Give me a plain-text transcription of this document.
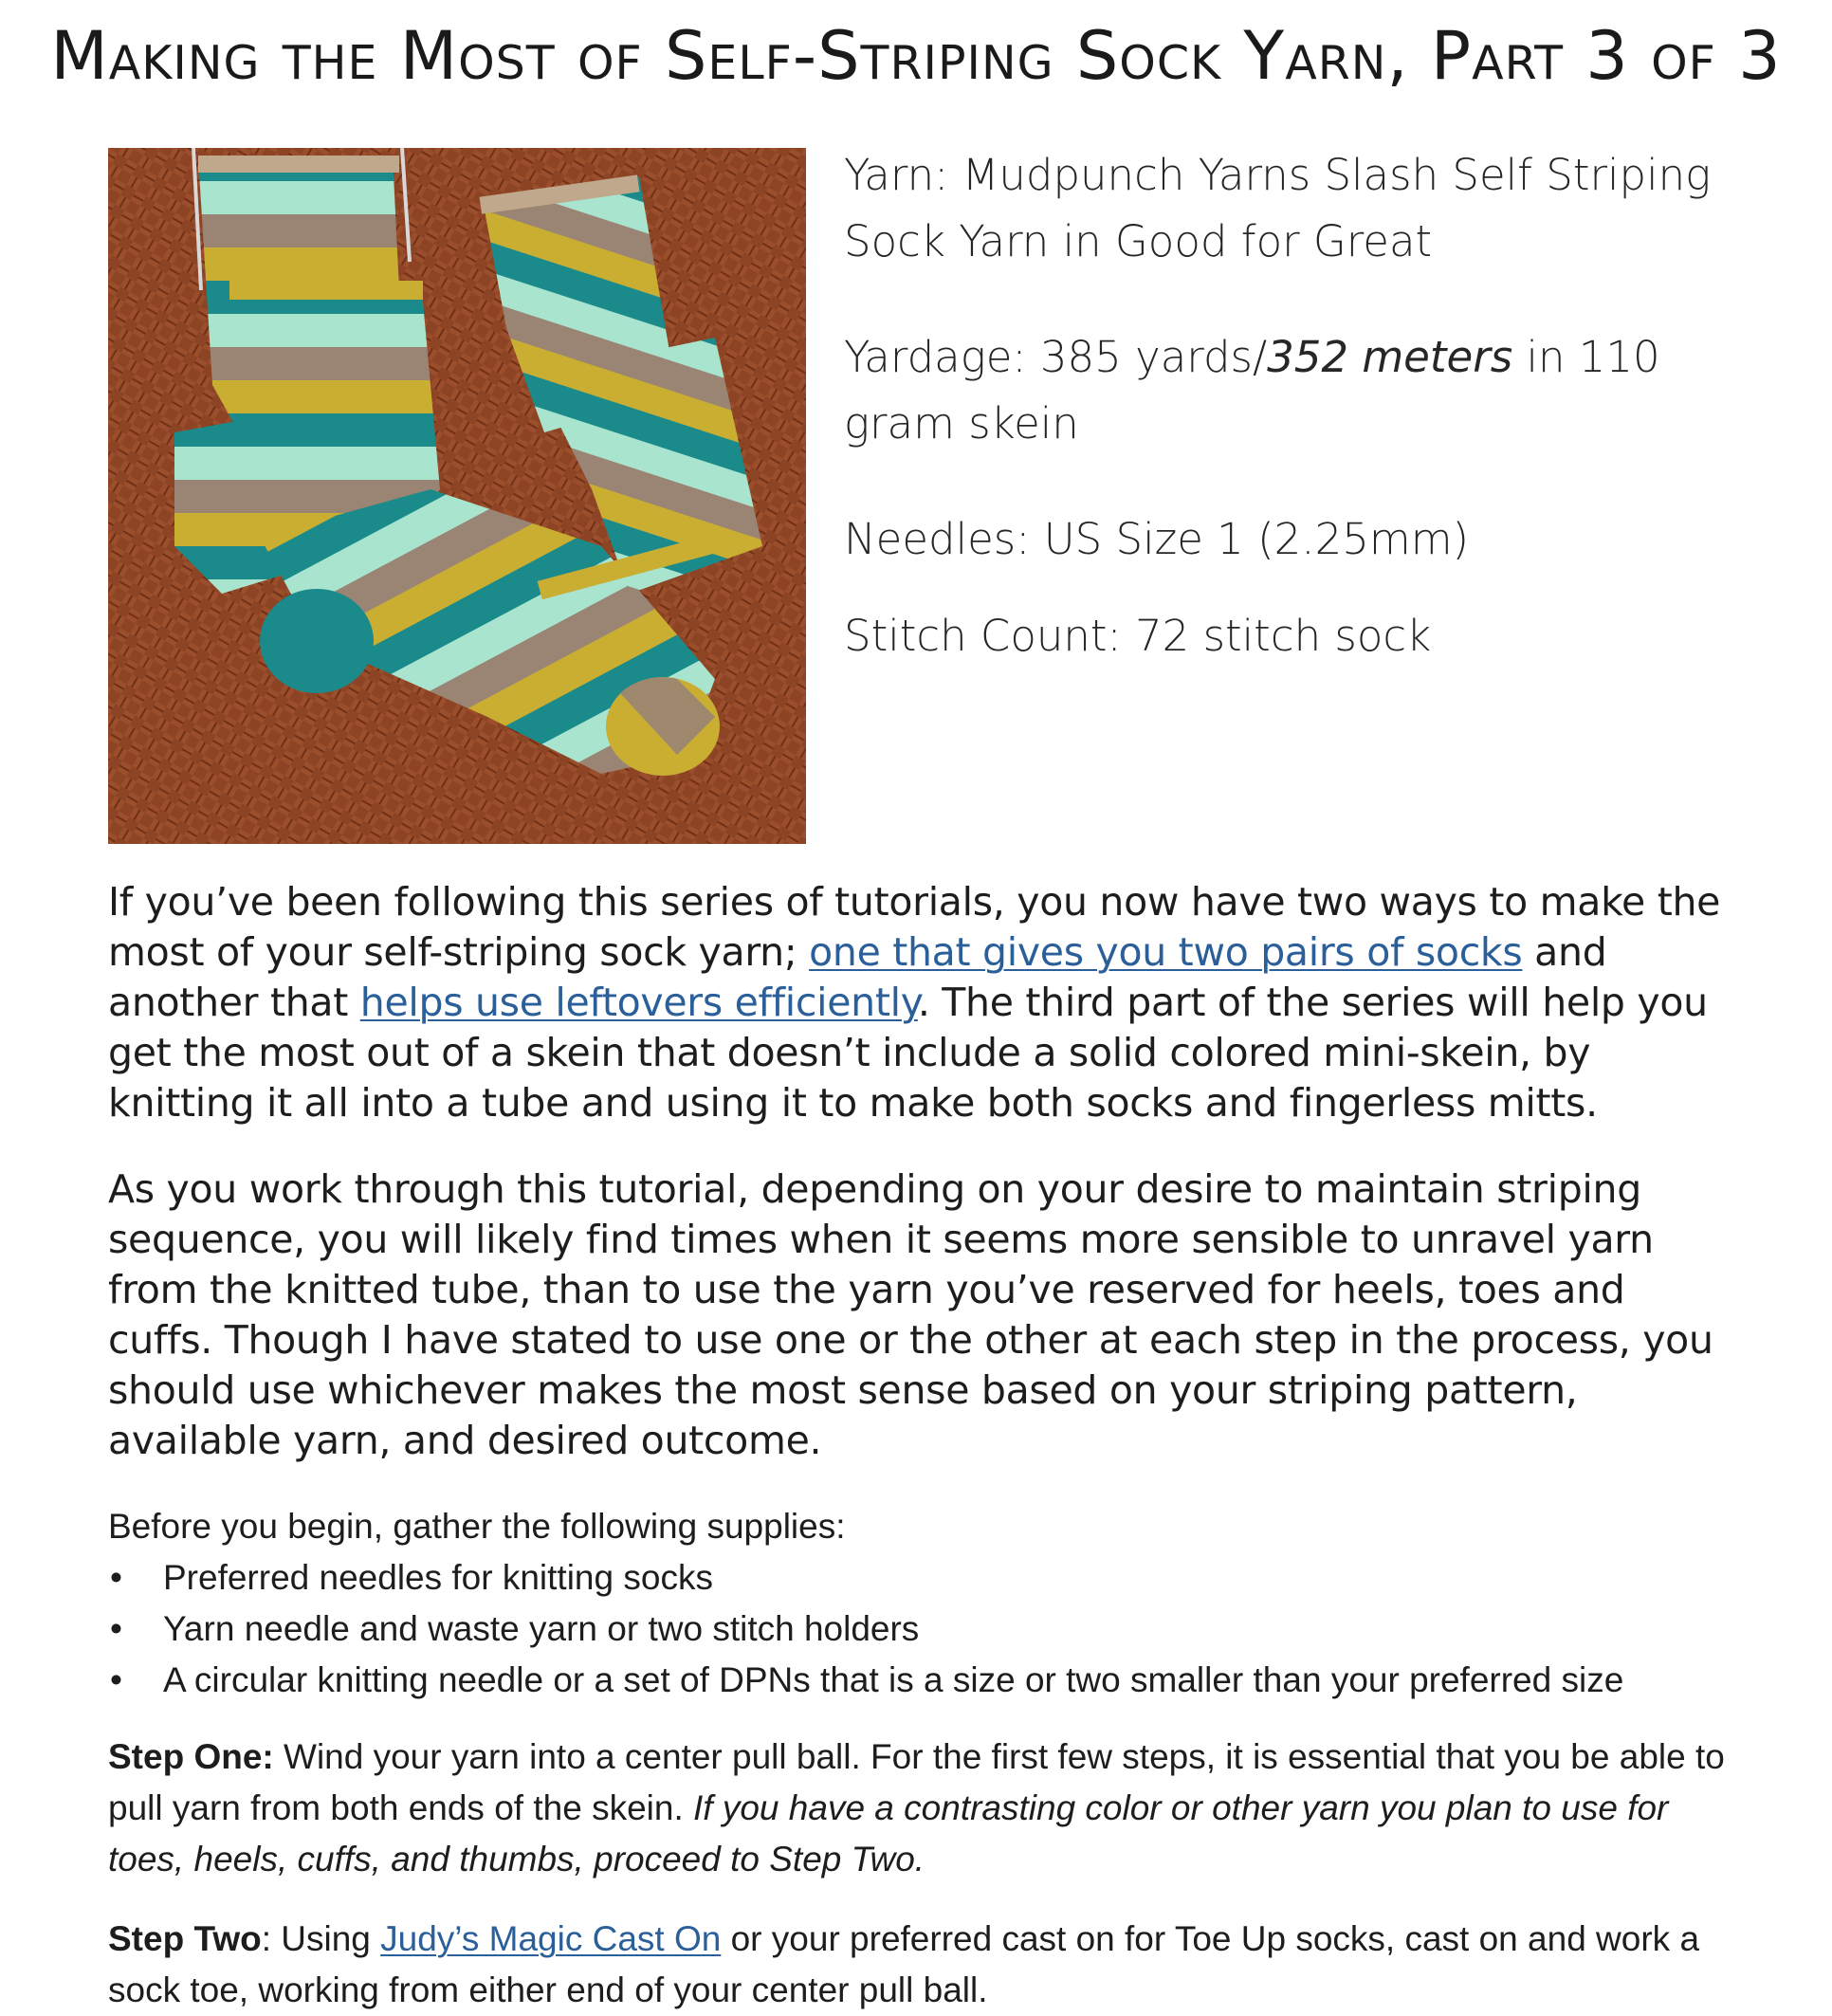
Making the Most of Self-Striping Sock Yarn, Part 3 of 3

Yarn: Mudpunch Yarns Slash Self Striping Sock Yarn in Good for Great

Yardage: 385 yards/352 meters in 110 gram skein

Needles: US Size 1 (2.25mm)

Stitch Count: 72 stitch sock

If you’ve been following this series of tutorials, you now have two ways to make the most of your self-striping sock yarn; one that gives you two pairs of socks and another that helps use leftovers efficiently. The third part of the series will help you get the most out of a skein that doesn’t include a solid colored mini-skein, by knitting it all into a tube and using it to make both socks and fingerless mitts.
As you work through this tutorial, depending on your desire to maintain striping sequence, you will likely find times when it seems more sensible to unravel yarn from the knitted tube, than to use the yarn you’ve reserved for heels, toes and cuffs. Though I have stated to use one or the other at each step in the process, you should use whichever makes the most sense based on your striping pattern, available yarn, and desired outcome.
Before you begin, gather the following supplies:
• Preferred needles for knitting socks
• Yarn needle and waste yarn or two stitch holders
• A circular knitting needle or a set of DPNs that is a size or two smaller than your preferred size
Step One: Wind your yarn into a center pull ball. For the first few steps, it is essential that you be able to pull yarn from both ends of the skein. If you have a contrasting color or other yarn you plan to use for toes, heels, cuffs, and thumbs, proceed to Step Two.
Step Two: Using Judy’s Magic Cast On or your preferred cast on for Toe Up socks, cast on and work a sock toe, working from either end of your center pull ball.
